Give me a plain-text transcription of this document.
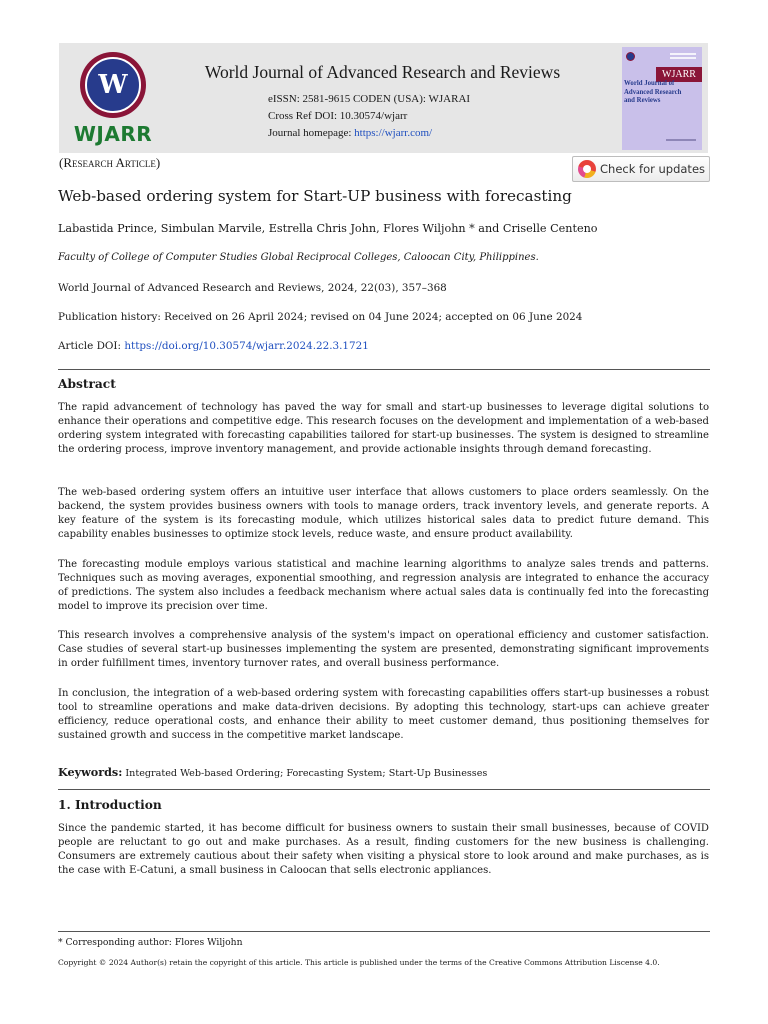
W
WJARR
World Journal of Advanced Research and Reviews
eISSN: 2581-9615 CODEN (USA): WJARAI
Cross Ref DOI: 10.30574/wjarr
Journal homepage: https://wjarr.com/
WJARR
World Journal of Advanced Research and Reviews
(Research Article)	Check for updates
Web-based ordering system for Start-UP business with forecasting
Labastida Prince, Simbulan Marvile, Estrella Chris John, Flores Wiljohn * and Criselle Centeno
Faculty of College of Computer Studies Global Reciprocal Colleges, Caloocan City, Philippines.
World Journal of Advanced Research and Reviews, 2024, 22(03), 357–368
Publication history: Received on 26 April 2024; revised on 04 June 2024; accepted on 06 June 2024
Article DOI: https://doi.org/10.30574/wjarr.2024.22.3.1721
Abstract
The rapid advancement of technology has paved the way for small and start-up businesses to leverage digital solutions to enhance their operations and competitive edge. This research focuses on the development and implementation of a web-based ordering system integrated with forecasting capabilities tailored for start-up businesses. The system is designed to streamline the ordering process, improve inventory management, and provide actionable insights through demand forecasting.
The web-based ordering system offers an intuitive user interface that allows customers to place orders seamlessly. On the backend, the system provides business owners with tools to manage orders, track inventory levels, and generate reports. A key feature of the system is its forecasting module, which utilizes historical sales data to predict future demand. This capability enables businesses to optimize stock levels, reduce waste, and ensure product availability.
The forecasting module employs various statistical and machine learning algorithms to analyze sales trends and patterns. Techniques such as moving averages, exponential smoothing, and regression analysis are integrated to enhance the accuracy of predictions. The system also includes a feedback mechanism where actual sales data is continually fed into the forecasting model to improve its precision over time.
This research involves a comprehensive analysis of the system's impact on operational efficiency and customer satisfaction. Case studies of several start-up businesses implementing the system are presented, demonstrating significant improvements in order fulfillment times, inventory turnover rates, and overall business performance.
In conclusion, the integration of a web-based ordering system with forecasting capabilities offers start-up businesses a robust tool to streamline operations and make data-driven decisions. By adopting this technology, start-ups can achieve greater efficiency, reduce operational costs, and enhance their ability to meet customer demand, thus positioning themselves for sustained growth and success in the competitive market landscape.
Keywords: Integrated Web-based Ordering; Forecasting System; Start-Up Businesses
1. Introduction
Since the pandemic started, it has become difficult for business owners to sustain their small businesses, because of COVID people are reluctant to go out and make purchases. As a result, finding customers for the new business is challenging. Consumers are extremely cautious about their safety when visiting a physical store to look around and make purchases, as is the case with E-Catuni, a small business in Caloocan that sells electronic appliances.
* Corresponding author: Flores Wiljohn
Copyright © 2024 Author(s) retain the copyright of this article. This article is published under the terms of the Creative Commons Attribution Liscense 4.0.
